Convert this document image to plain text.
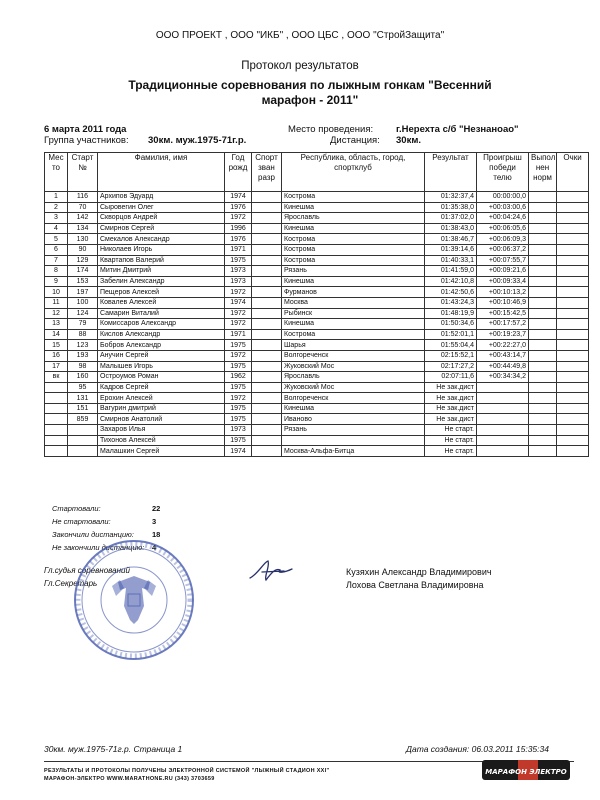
ООО ПРОЕКТ , ООО "ИКБ" , ООО ЦБС , ООО "СтройЗащита"
Протокол результатов
Традиционные соревнования по лыжным гонкам "Весенний
марафон - 2011"
6 марта 2011 года
Группа участников: 30км. муж.1975-71г.р.
Место проведения: г.Нерехта с/б "Незнаноао"
Дистанция: 30км.
Мес то	Старт №	Фамилия, имя	Год рожд	Спорт зван разр	Республика, область, город, спортклуб	Результат	Проигрыш победи телю	Выпол нен норм	Очки
1	116	Архипов Эдуард	1974		Кострома	01:32:37,4	00:00:00,0		
2	70	Сыровегин Олег	1976		Кинешма	01:35:38,0	+00:03:00,6		
3	142	Скворцов Андрей	1972		Ярославль	01:37:02,0	+00:04:24,6		
4	134	Смирнов Сергей	1996		Кинешма	01:38:43,0	+00:06:05,6		
5	130	Смекалов Александр	1976		Кострома	01:38:46,7	+00:06:09,3		
6	90	Николаев Игорь	1971		Кострома	01:39:14,6	+00:06:37,2		
7	129	Квартапов Валерий	1975		Кострома	01:40:33,1	+00:07:55,7		
8	174	Митин Дмитрий	1973		Рязань	01:41:59,0	+00:09:21,6		
9	153	Забелин Александр	1973		Кинешма	01:42:10,8	+00:09:33,4		
10	197	Пещеров Алексей	1972		Фурманов	01:42:50,6	+00:10:13,2		
11	100	Ковалев Алексей	1974		Москва	01:43:24,3	+00:10:46,9		
12	124	Самарин Виталий	1972		Рыбинск	01:48:19,9	+00:15:42,5		
13	79	Комиссаров Александр	1972		Кинешма	01:50:34,6	+00:17:57,2		
14	88	Кислов Александр	1971		Кострома	01:52:01,1	+00:19:23,7		
15	123	Бобров Александр	1975		Шарья	01:55:04,4	+00:22:27,0		
16	193	Анучин Сергей	1972		Волгореченск	02:15:52,1	+00:43:14,7		
17	98	Малышев Игорь	1975		Жуковский Мос	02:17:27,2	+00:44:49,8		
вк	160	Остроумов Роман	1962		Ярославль	02:07:11,6	+00:34:34,2		
	95	Кадров Сергей	1975		Жуковский Мос	Не зак.дист			
	131	Ерохин Алексей	1972		Волгореченск	Не зак.дист			
	151	Вагурин дмитрий	1975		Кинешма	Не зак.дист			
	859	Смирнов Анатолий	1975		Иваново	Не зак.дист			
		Захаров Илья	1973		Рязань	Не старт.			
		Тихонов Алексей	1975			Не старт.			
		Малашкин Сергей	1974		Москва-Альфа-Битца	Не старт.			
Стартовали:	22
Не стартовали:	3
Закончили дистанцию: 18
Не закончили дистанцию: 4
Гл.судья соревнований
Гл.Секретарь
Кузяхин Александр Владимирович
Лохова Светлана Владимировна
30км. муж.1975-71г.р. Страница 1	Дата создания: 06.03.2011 15:35:34
РЕЗУЛЬТАТЫ И ПРОТОКОЛЫ ПОЛУЧЕНЫ ЭЛЕКТРОННОЙ СИСТЕМОЙ "ЛЫЖНЫЙ СТАДИОН XXI"
МАРАФОН-ЭЛЕКТРО WWW.MARATHONE.RU (343) 3703659
МАРАФОН ЭЛЕКТРО
